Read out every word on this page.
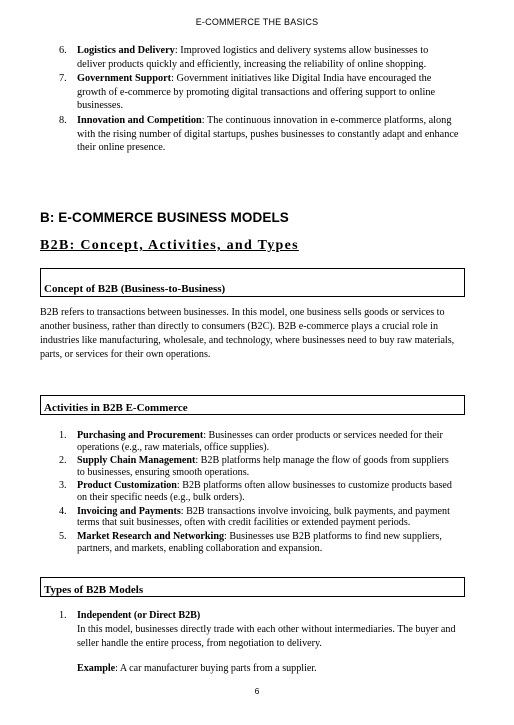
E-COMMERCE THE BASICS
6. Logistics and Delivery: Improved logistics and delivery systems allow businesses to deliver products quickly and efficiently, increasing the reliability of online shopping.
7. Government Support: Government initiatives like Digital India have encouraged the growth of e-commerce by promoting digital transactions and offering support to online businesses.
8. Innovation and Competition: The continuous innovation in e-commerce platforms, along with the rising number of digital startups, pushes businesses to constantly adapt and enhance their online presence.
B: E-COMMERCE BUSINESS MODELS
B2B: Concept, Activities, and Types
Concept of B2B (Business-to-Business)
B2B refers to transactions between businesses. In this model, one business sells goods or services to another business, rather than directly to consumers (B2C). B2B e-commerce plays a crucial role in industries like manufacturing, wholesale, and technology, where businesses need to buy raw materials, parts, or services for their own operations.
Activities in B2B E-Commerce
1. Purchasing and Procurement: Businesses can order products or services needed for their operations (e.g., raw materials, office supplies).
2. Supply Chain Management: B2B platforms help manage the flow of goods from suppliers to businesses, ensuring smooth operations.
3. Product Customization: B2B platforms often allow businesses to customize products based on their specific needs (e.g., bulk orders).
4. Invoicing and Payments: B2B transactions involve invoicing, bulk payments, and payment terms that suit businesses, often with credit facilities or extended payment periods.
5. Market Research and Networking: Businesses use B2B platforms to find new suppliers, partners, and markets, enabling collaboration and expansion.
Types of B2B Models
1. Independent (or Direct B2B)
In this model, businesses directly trade with each other without intermediaries. The buyer and seller handle the entire process, from negotiation to delivery.
Example: A car manufacturer buying parts from a supplier.
6
